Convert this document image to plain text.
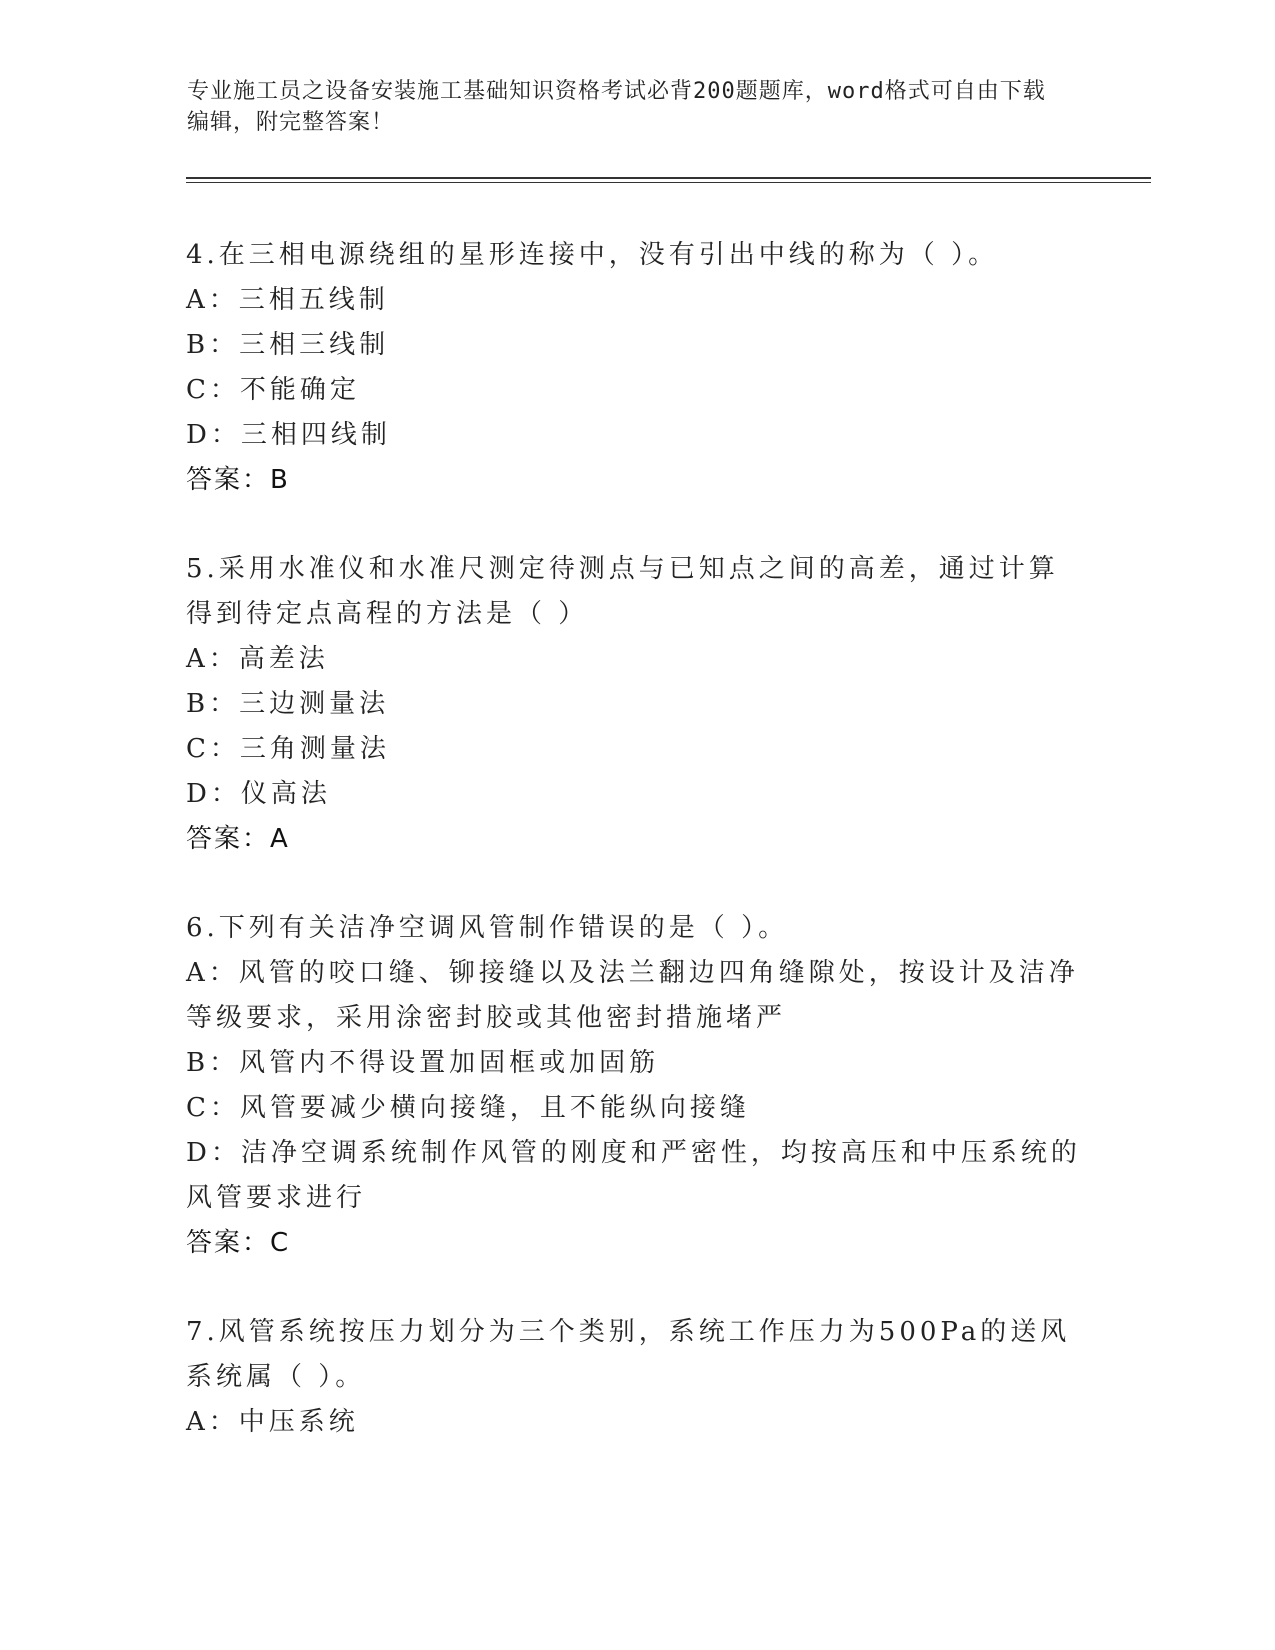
专业施工员之设备安装施工基础知识资格考试必背200题题库，word格式可自由下载编辑，附完整答案！
4.在三相电源绕组的星形连接中，没有引出中线的称为（ ）。
A：三相五线制
B：三相三线制
C：不能确定
D：三相四线制
答案：B
5.采用水准仪和水准尺测定待测点与已知点之间的高差，通过计算得到待定点高程的方法是（ ）
A：高差法
B：三边测量法
C：三角测量法
D：仪高法
答案：A
6.下列有关洁净空调风管制作错误的是（ ）。
A：风管的咬口缝、铆接缝以及法兰翻边四角缝隙处，按设计及洁净等级要求，采用涂密封胶或其他密封措施堵严
B：风管内不得设置加固框或加固筋
C：风管要减少横向接缝，且不能纵向接缝
D：洁净空调系统制作风管的刚度和严密性，均按高压和中压系统的风管要求进行
答案：C
7.风管系统按压力划分为三个类别，系统工作压力为500Pa的送风系统属（ ）。
A：中压系统
